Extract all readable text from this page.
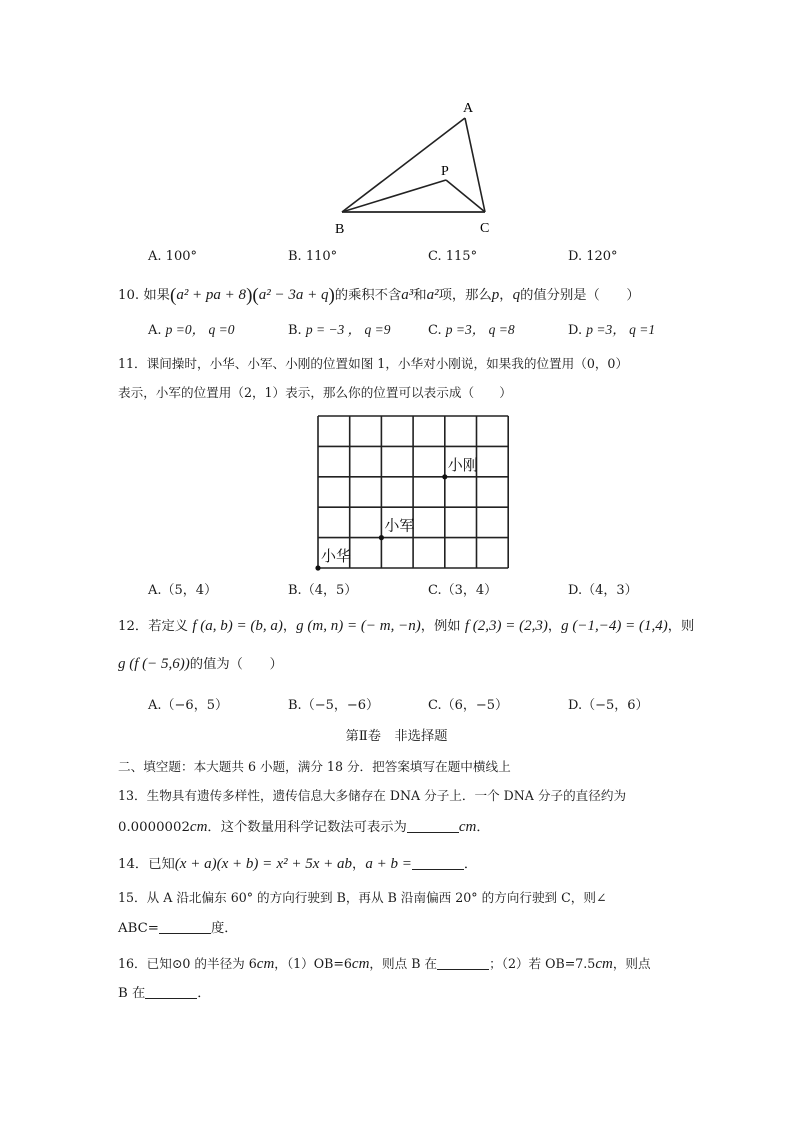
A
P
B	C
A. 100°	B. 110°	C. 115°	D. 120°
10. 如果(a² + pa + 8)(a² − 3a + q)的乘积不含a³和a²项，那么p，q的值分别是（　　）
A. p =0， q =0	B. p = −3 ， q =9	C. p =3， q =8	D. p =3， q =1
11．课间操时，小华、小军、小刚的位置如图 1，小华对小刚说，如果我的位置用（0，0）
表示，小军的位置用（2，1）表示，那么你的位置可以表示成（　　）
小华
小军
小刚
A.（5，4）	B.（4，5）	C.（3，4）	D.（4，3）
12．若定义 f (a, b) = (b, a)，g (m, n) = (− m, −n)，例如 f (2,3) = (2,3)，g (−1,−4) = (1,4)，则
g (f (− 5,6))的值为（　　）
A.（−6，5）	B.（−5，−6）	C.（6，−5）	D.（−5，6）
第Ⅱ卷　非选择题
二、填空题：本大题共 6 小题，满分 18 分．把答案填写在题中横线上
13．生物具有遗传多样性，遗传信息大多储存在 DNA 分子上．一个 DNA 分子的直径约为
0.0000002cm．这个数量用科学记数法可表示为	cm．
14．已知(x + a)(x + b) = x² + 5x + ab，a + b =	．
15．从 A 沿北偏东 60° 的方向行驶到 B，再从 B 沿南偏西 20° 的方向行驶到 C，则∠
ABC=	度．
16．已知⊙0 的半径为 6cm，（1）OB=6cm，则点 B 在	；（2）若 OB=7.5cm，则点
B 在	．
